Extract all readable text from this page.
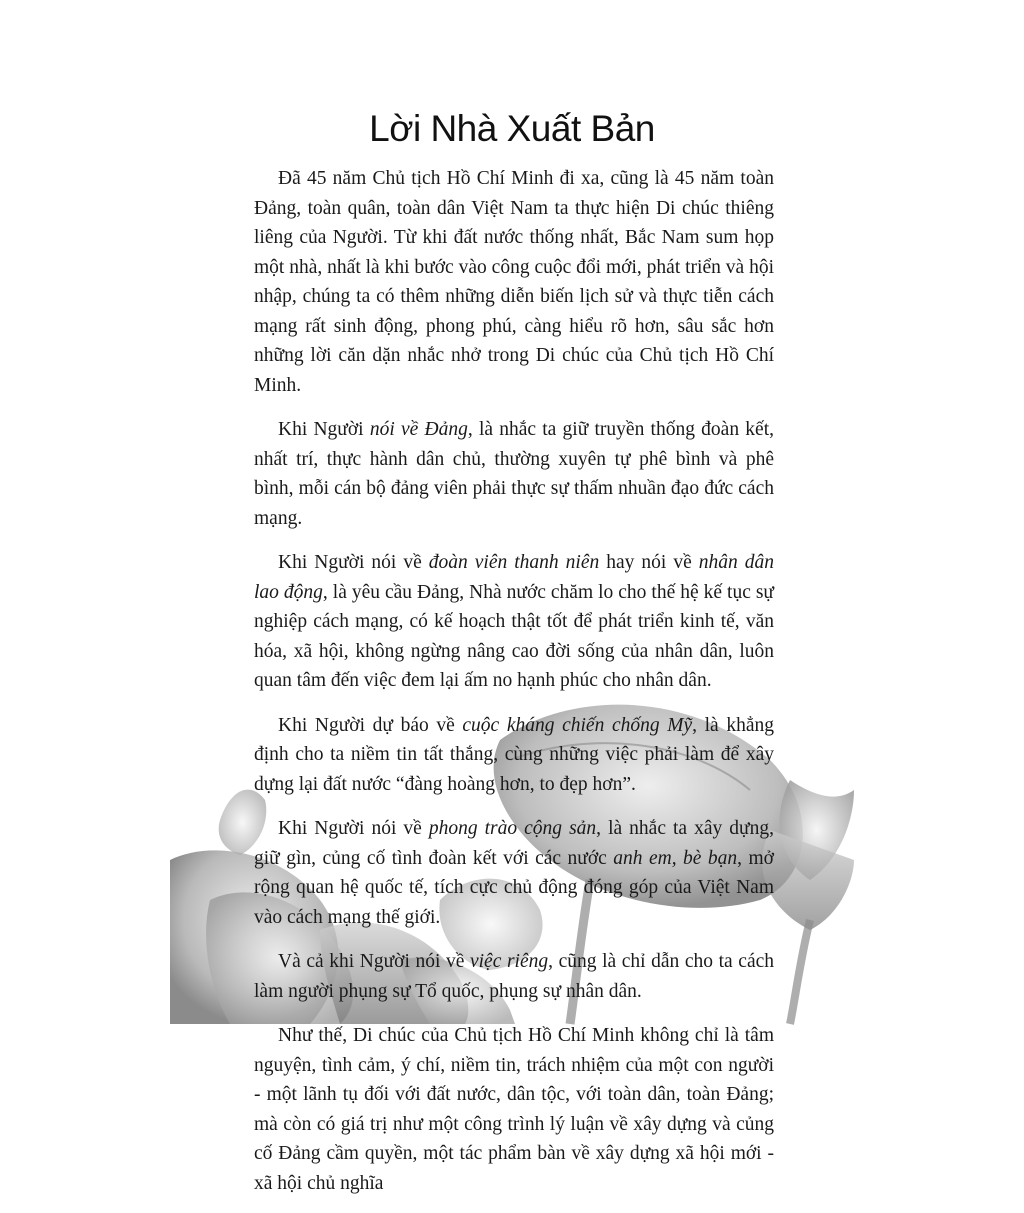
Lời Nhà Xuất Bản

Đã 45 năm Chủ tịch Hồ Chí Minh đi xa, cũng là 45 năm toàn Đảng, toàn quân, toàn dân Việt Nam ta thực hiện Di chúc thiêng liêng của Người. Từ khi đất nước thống nhất, Bắc Nam sum họp một nhà, nhất là khi bước vào công cuộc đổi mới, phát triển và hội nhập, chúng ta có thêm những diễn biến lịch sử và thực tiễn cách mạng rất sinh động, phong phú, càng hiểu rõ hơn, sâu sắc hơn những lời căn dặn nhắc nhở trong Di chúc của Chủ tịch Hồ Chí Minh.

Khi Người nói về Đảng, là nhắc ta giữ truyền thống đoàn kết, nhất trí, thực hành dân chủ, thường xuyên tự phê bình và phê bình, mỗi cán bộ đảng viên phải thực sự thấm nhuần đạo đức cách mạng.

Khi Người nói về đoàn viên thanh niên hay nói về nhân dân lao động, là yêu cầu Đảng, Nhà nước chăm lo cho thế hệ kế tục sự nghiệp cách mạng, có kế hoạch thật tốt để phát triển kinh tế, văn hóa, xã hội, không ngừng nâng cao đời sống của nhân dân, luôn quan tâm đến việc đem lại ấm no hạnh phúc cho nhân dân.

Khi Người dự báo về cuộc kháng chiến chống Mỹ, là khẳng định cho ta niềm tin tất thắng, cùng những việc phải làm để xây dựng lại đất nước “đàng hoàng hơn, to đẹp hơn”.

Khi Người nói về phong trào cộng sản, là nhắc ta xây dựng, giữ gìn, củng cố tình đoàn kết với các nước anh em, bè bạn, mở rộng quan hệ quốc tế, tích cực chủ động đóng góp của Việt Nam vào cách mạng thế giới.

Và cả khi Người nói về việc riêng, cũng là chỉ dẫn cho ta cách làm người phụng sự Tổ quốc, phụng sự nhân dân.

Như thế, Di chúc của Chủ tịch Hồ Chí Minh không chỉ là tâm nguyện, tình cảm, ý chí, niềm tin, trách nhiệm của một con người - một lãnh tụ đối với đất nước, dân tộc, với toàn dân, toàn Đảng; mà còn có giá trị như một công trình lý luận về xây dựng và củng cố Đảng cầm quyền, một tác phẩm bàn về xây dựng xã hội mới - xã hội chủ nghĩa
